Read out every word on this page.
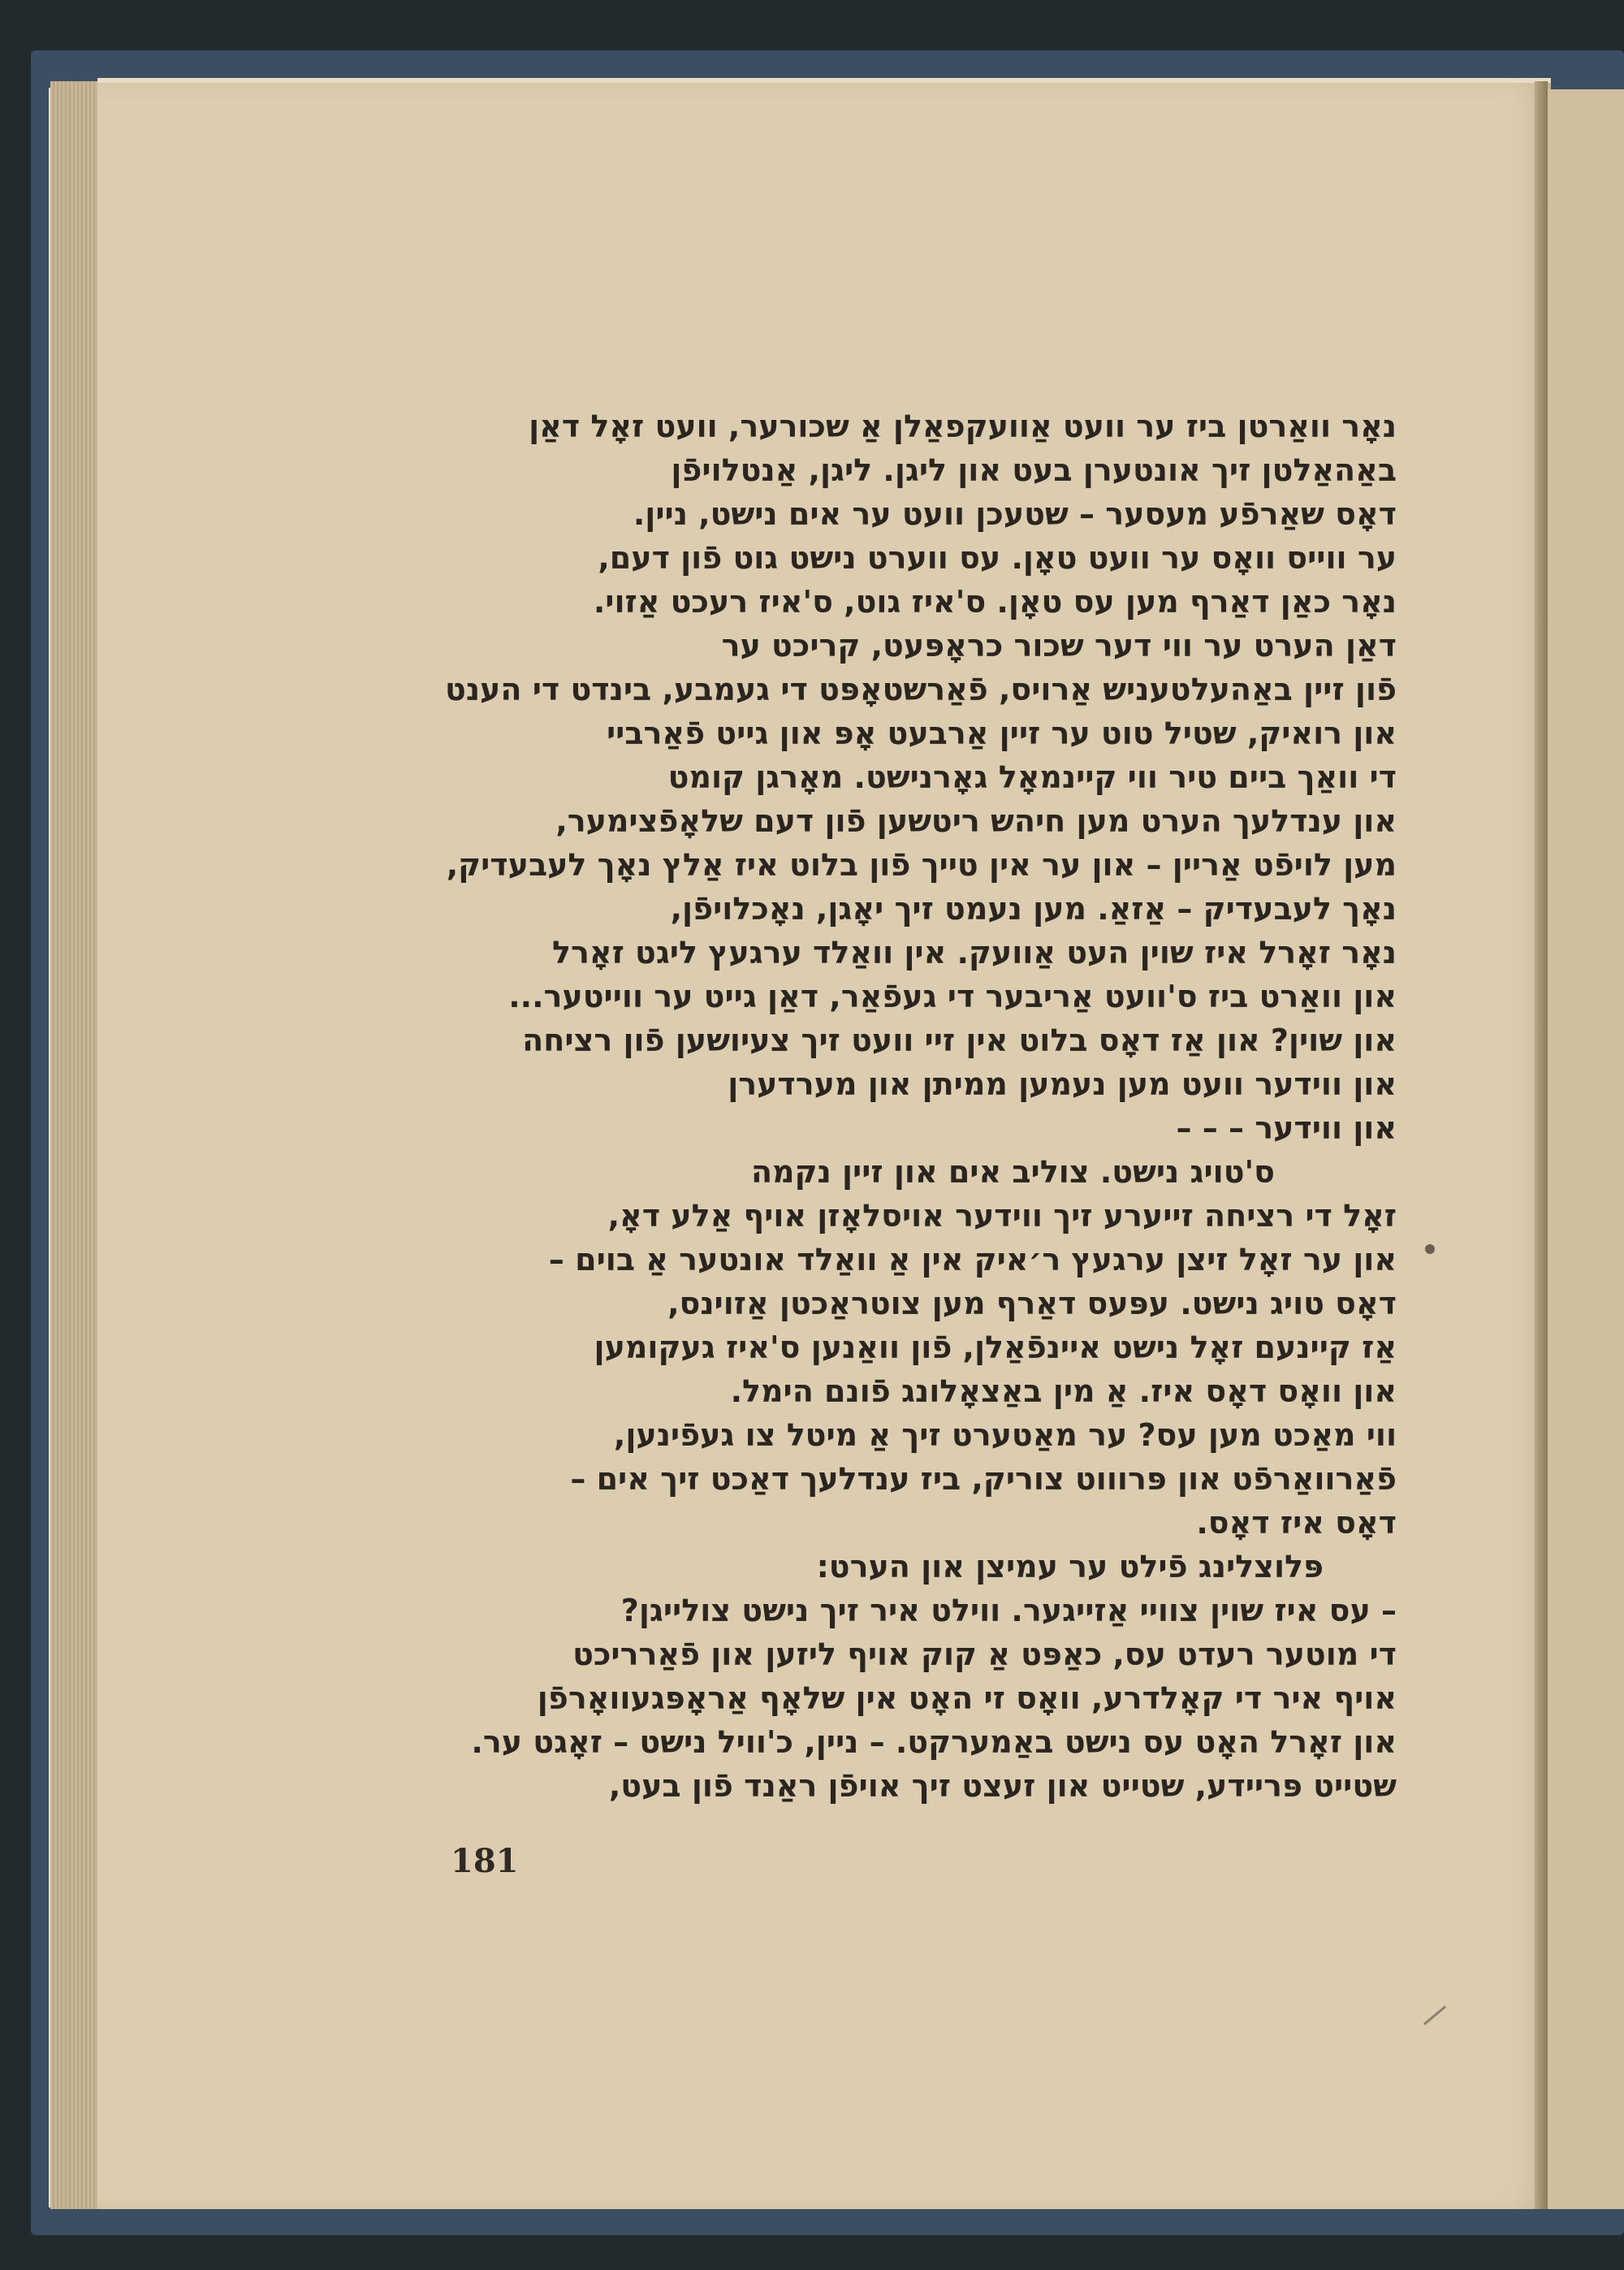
נאָר וואַרטן ביז ער וועט אַוועקפאַלן אַ שכורער, וועט זאָל דאַן
באַהאַלטן זיך אונטערן בעט און ליגן. ליגן, אַנטלויפֿן
דאָס שאַרפֿע מעסער – שטעכן וועט ער אים נישט, ניין.
ער ווייס וואָס ער וועט טאָן. עס ווערט נישט גוט פֿון דעם,
נאָר כאַן דאַרף מען עס טאָן. ס'איז גוט, ס'איז רעכט אַזוי.
דאַן הערט ער ווי דער שכור כראָפּעט, קריכט ער
פֿון זיין באַהעלטעניש אַרויס, פֿאַרשטאָפּט די געמבע, בינדט די הענט
און רואיק, שטיל טוט ער זיין אַרבעט אָפּ און גייט פֿאַרביי
די וואַך ביים טיר ווי קיינמאָל גאָרנישט. מאָרגן קומט
און ענדלעך הערט מען חיהש ריטשען פֿון דעם שלאָפֿצימער,
מען לויפֿט אַריין – און ער אין טייך פֿון בלוט איז אַלץ נאָך לעבעדיק,
נאָך לעבעדיק – אַזאַ. מען נעמט זיך יאָגן, נאָכלויפֿן,
נאָר זאָרל איז שוין העט אַוועק. אין וואַלד ערגעץ ליגט זאָרל
און וואַרט ביז ס'וועט אַריבער די געפֿאַר, דאַן גייט ער ווייטער...
און שוין? און אַז דאָס בלוט אין זיי וועט זיך צעיושען פֿון רציחה
און ווידער וועט מען נעמען ממיתן און מערדערן
און ווידער – – –
ס'טויג נישט. צוליב אים און זיין נקמה
זאָל די רציחה זייערע זיך ווידער אויסלאָזן אויף אַלע דאָ,
און ער זאָל זיצן ערגעץ ר׳איק אין אַ וואַלד אונטער אַ בוים –
דאָס טויג נישט. עפּעס דאַרף מען צוטראַכטן אַזוינס,
אַז קיינעם זאָל נישט איינפֿאַלן, פֿון וואַנען ס'איז געקומען
און וואָס דאָס איז. אַ מין באַצאָלונג פֿונם הימל.
ווי מאַכט מען עס? ער מאַטערט זיך אַ מיטל צו געפֿינען,
פֿאַרוואַרפֿט און פּרוווט צוריק, ביז ענדלעך דאַכט זיך אים –
דאָס איז דאָס.
פּלוצלינג פֿילט ער עמיצן און הערט:
– עס איז שוין צוויי אַזייגער. ווילט איר זיך נישט צולייגן?
די מוטער רעדט עס, כאַפּט אַ קוק אויף ליזען און פֿאַרריכט
אויף איר די קאָלדרע, וואָס זי האָט אין שלאָף אַראָפּגעוואָרפֿן
און זאָרל האָט עס נישט באַמערקט. – ניין, כ'וויל נישט – זאָגט ער.
שטייט פּריידע, שטייט און זעצט זיך אויפֿן ראַנד פֿון בעט,
181
